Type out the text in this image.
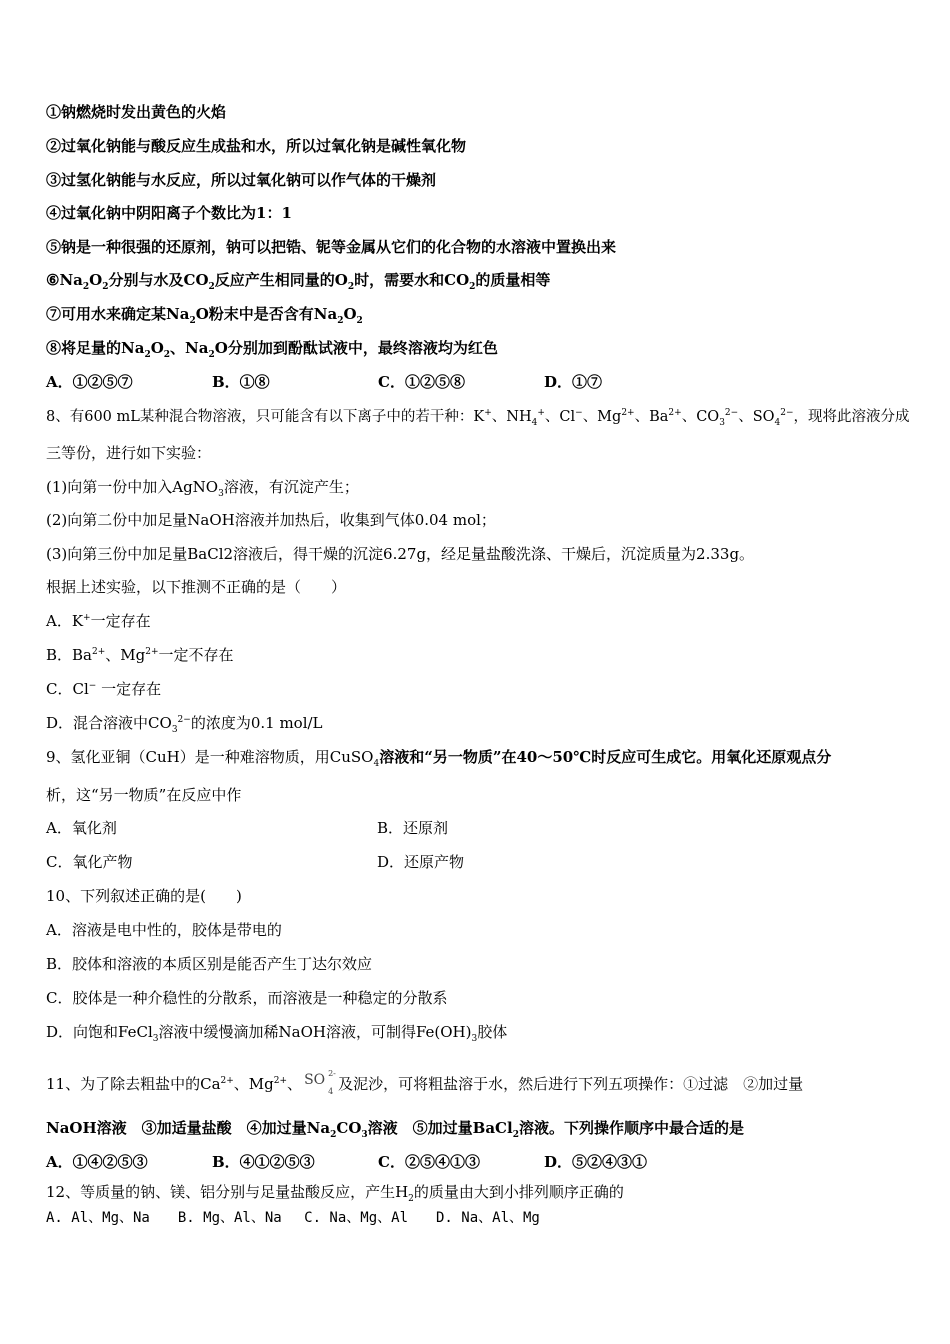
①钠燃烧时发出黄色的火焰
②过氧化钠能与酸反应生成盐和水，所以过氧化钠是碱性氧化物
③过氢化钠能与水反应，所以过氧化钠可以作气体的干燥剂
④过氧化钠中阴阳离子个数比为1：1
⑤钠是一种很强的还原剂，钠可以把锆、铌等金属从它们的化合物的水溶液中置换出来
$⑥Na_2O_2$分别与水及$CO_2$反应产生相同量的$O_2$时，需要水和$CO_2$的质量相等
⑦可用水来确定某$Na_2O$粉末中是否含有$Na_2O_2$
⑧将足量的$Na_2O_2$、$Na_2O$分别加到酚酞试液中，最终溶液均为红色
A．①②⑤⑦	B．①⑧	C．①②⑤⑧	D．①⑦
8、有600 mL某种混合物溶液，只可能含有以下离子中的若干种：K+、$NH_4^+$、Cl−、$Mg^{2+}$、$Ba^{2+}$、$CO_3^{2-}$、$SO_4^{2-}$，现将此溶液分成
三等份，进行如下实验：
(1)向第一份中加入AgNO$_3$溶液，有沉淀产生；
(2)向第二份中加足量NaOH溶液并加热后，收集到气体0.04 mol；
(3)向第三份中加足量BaCl2溶液后，得干燥的沉淀6.27g，经足量盐酸洗涤、干燥后，沉淀质量为2.33g。
根据上述实验，以下推测不正确的是（　　）
A．K+一定存在
B．$Ba^{2+}$、$Mg^{2+}$一定不存在
C．Cl− 一定存在
D．混合溶液中$CO_3^{2-}$的浓度为0.1 mol/L
9、氢化亚铜（CuH）是一种难溶物质，用CuSO$_4$溶液和“另一物质”在40～50℃时反应可生成它。用氧化还原观点分
析，这“另一物质”在反应中作
A．氧化剂	B．还原剂
C．氧化产物	D．还原产物
10、下列叙述正确的是(　　)
A．溶液是电中性的，胶体是带电的
B．胶体和溶液的本质区别是能否产生丁达尔效应
C．胶体是一种介稳性的分散系，而溶液是一种稳定的分散系
D．向饱和FeCl$_3$溶液中缓慢滴加稀NaOH溶液，可制得$Fe(OH)_3$胶体
11、为了除去粗盐中的$Ca^{2+}$、$Mg^{2+}$、 SO 2-
4 及泥沙，可将粗盐溶于水，然后进行下列五项操作：①过滤　②加过量
NaOH溶液　③加适量盐酸　④加过量$Na_2CO_3$溶液　⑤加过量BaCl$_2$溶液。下列操作顺序中最合适的是
A．①④②⑤③	B．④①②⑤③	C．②⑤④①③	D．⑤②④③①
12、等质量的钠、镁、铝分别与足量盐酸反应，产生$H_2$的质量由大到小排列顺序正确的
A. Al、Mg、Na　　B. Mg、Al、Na　 C. Na、Mg、Al　　D. Na、Al、Mg
